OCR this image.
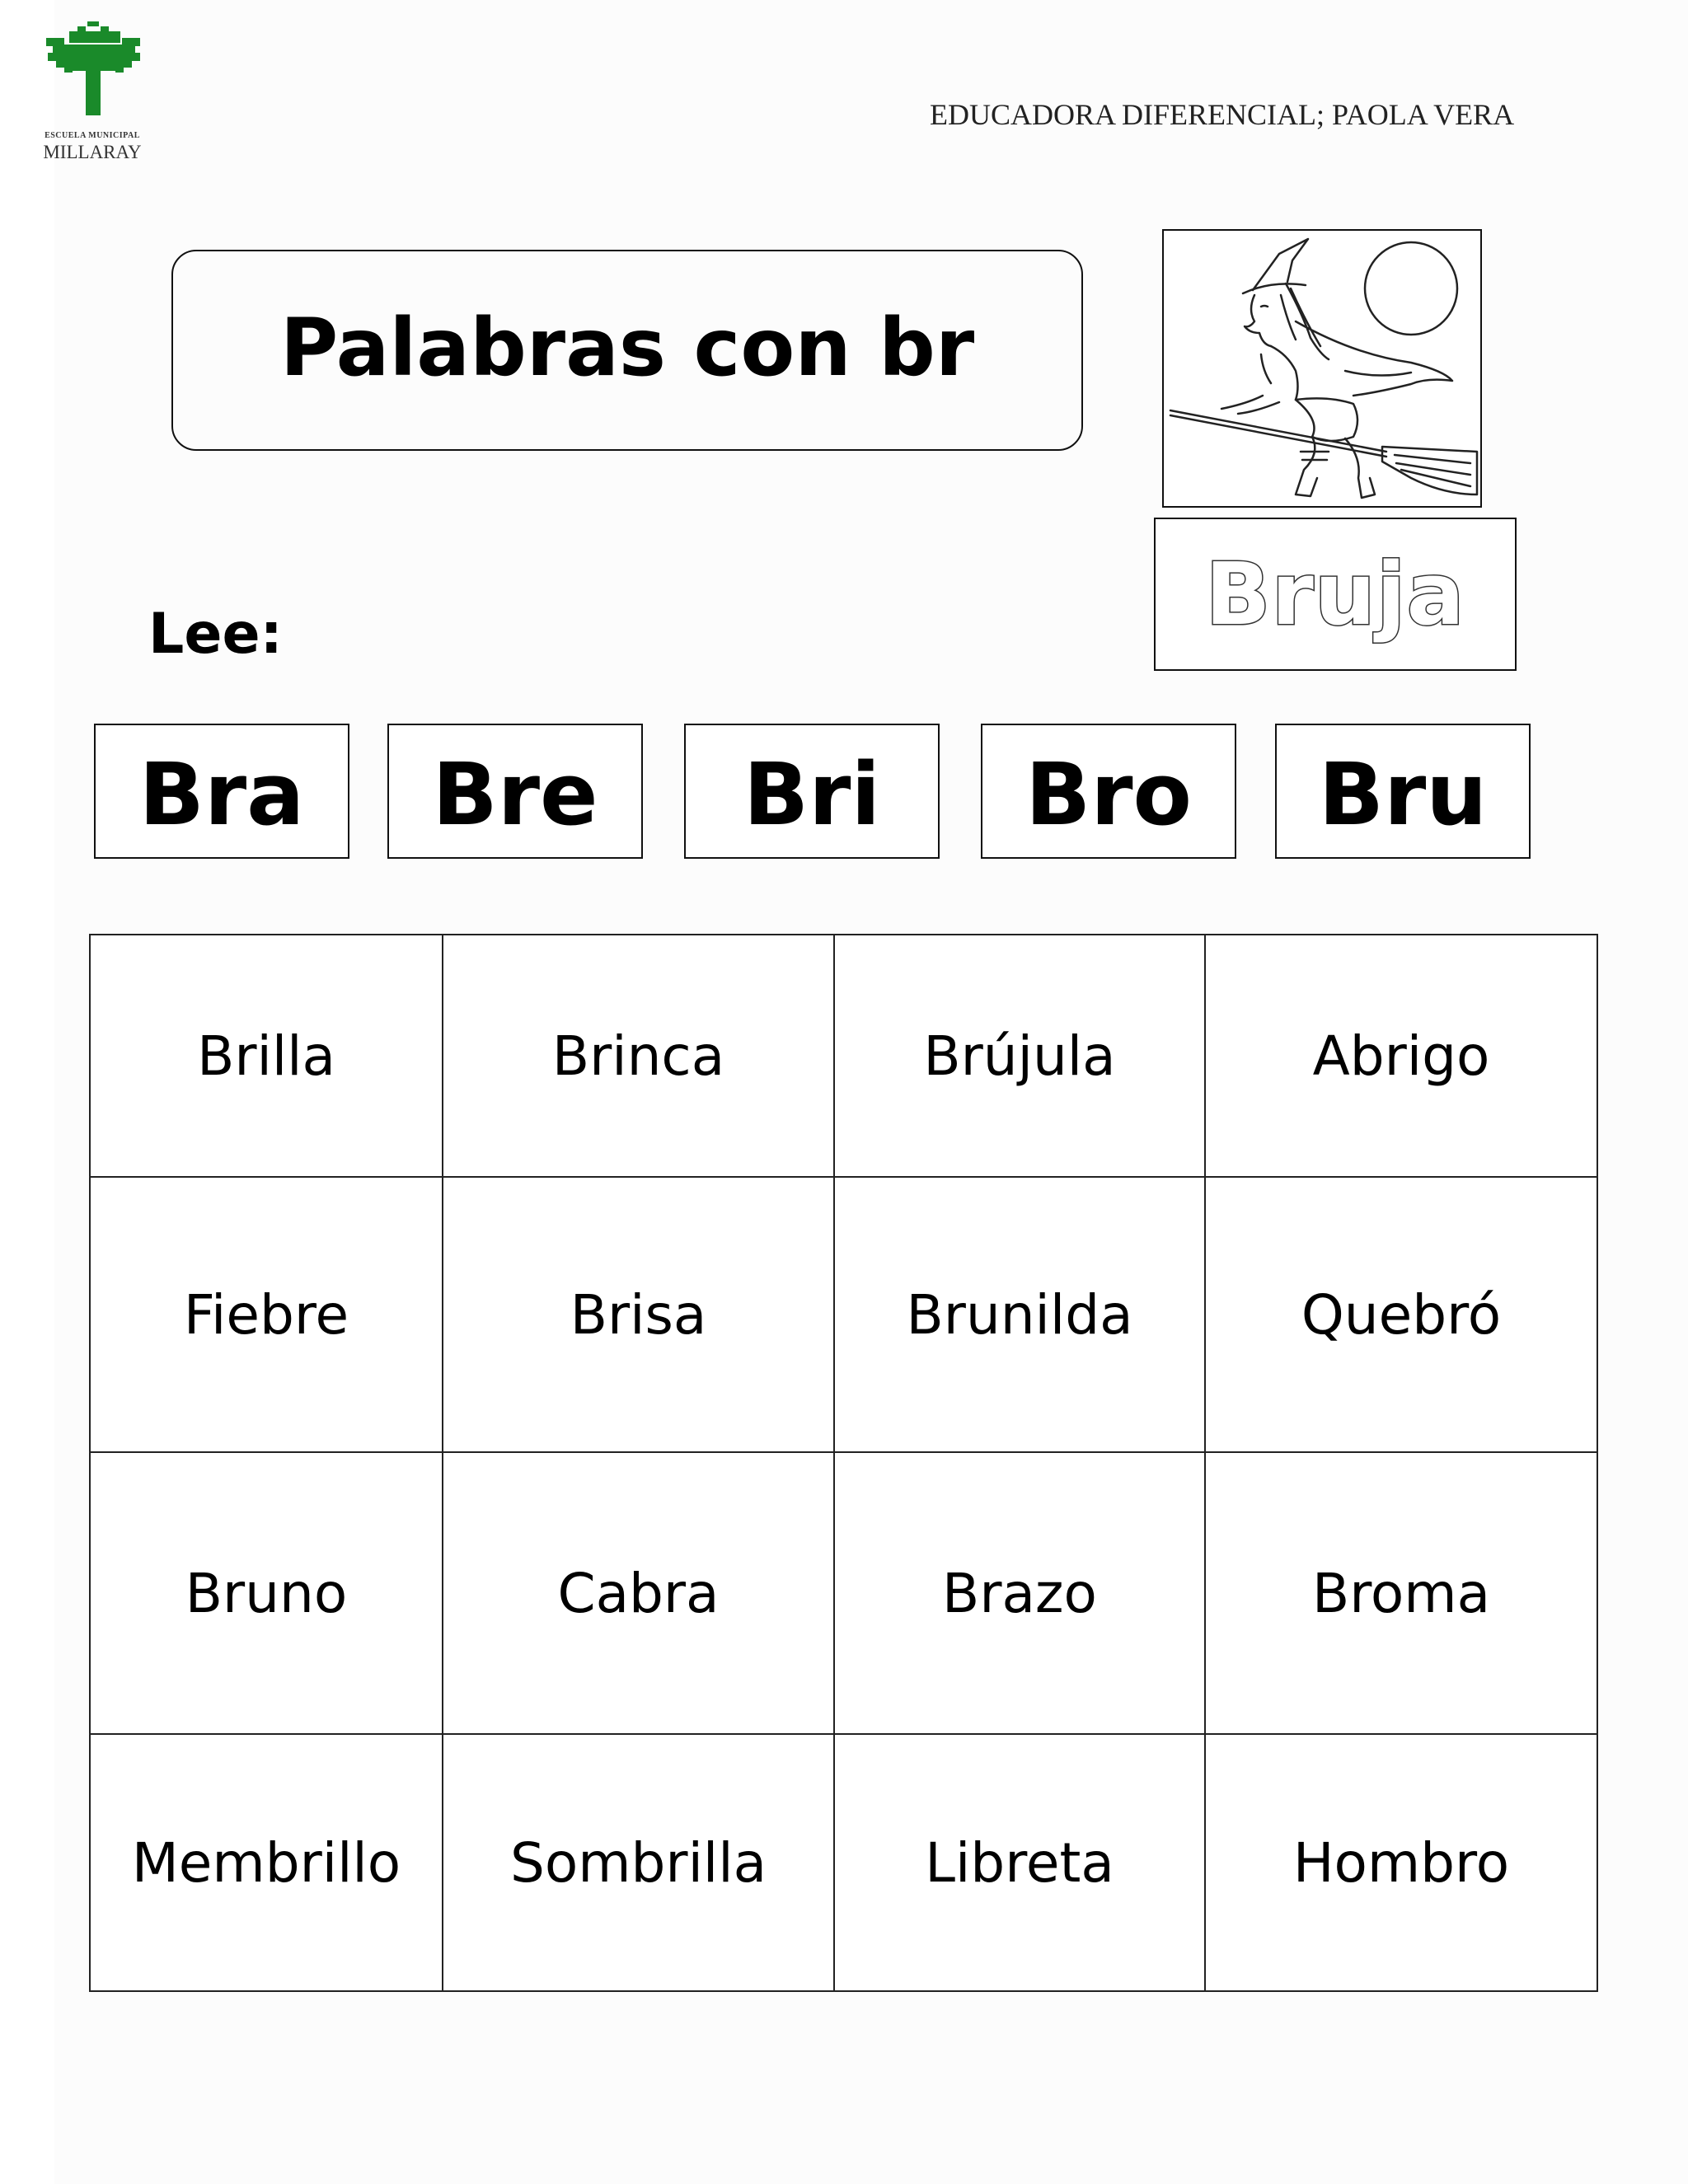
ESCUELA MUNICIPAL
MILLARAY
EDUCADORA DIFERENCIAL; PAOLA VERA
Palabras con br
Bruja
Lee:
Bra Bre Bri Bro Bru
Brilla	Brinca	Brújula	Abrigo
Fiebre	Brisa	Brunilda	Quebró
Bruno	Cabra	Brazo	Broma
Membrillo	Sombrilla	Libreta	Hombro
